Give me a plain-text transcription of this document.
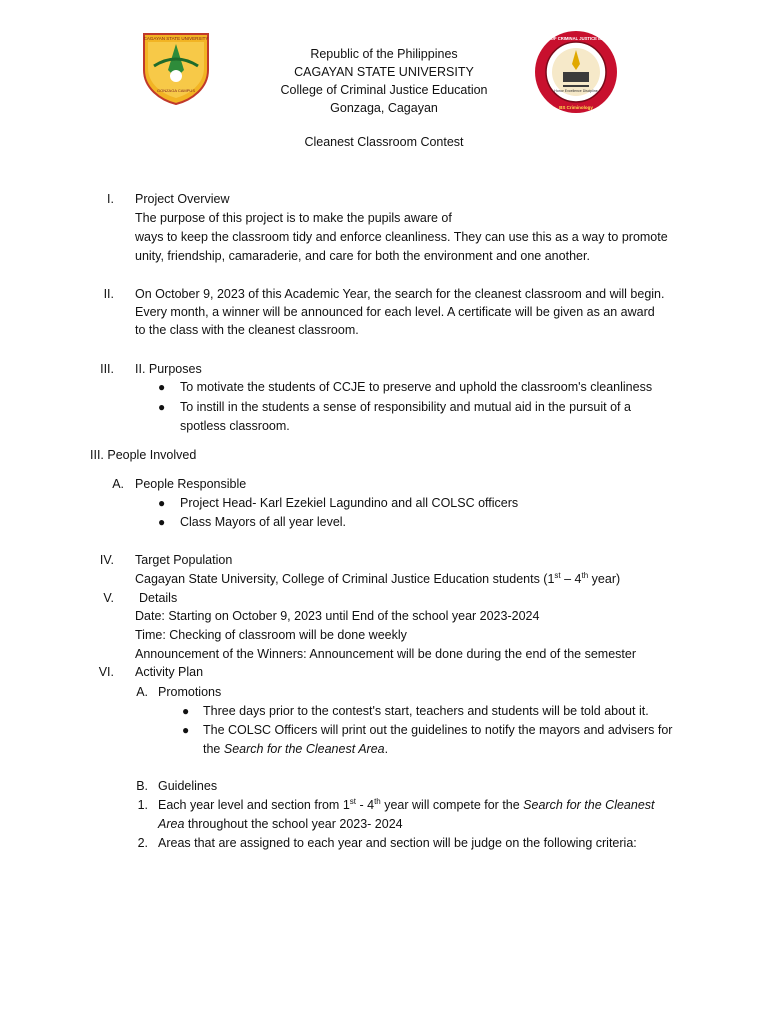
CAGAYAN STATE UNIVERSITY
GONZAGA CAMPUS	Honor Excellence Discipline
COLLEGE OF CRIMINAL JUSTICE EDUCATION
BS Criminology
Republic of the Philippines
CAGAYAN STATE UNIVERSITY
College of Criminal Justice Education
Gonzaga, Cagayan
Cleanest Classroom Contest
I. Project Overview
The purpose of this project is to make the pupils aware of
ways to keep the classroom tidy and enforce cleanliness. They can use this as a way to promote
unity, friendship, camaraderie, and care for both the environment and one another.
II. On October 9, 2023 of this Academic Year, the search for the cleanest classroom and will begin.
Every month, a winner will be announced for each level. A certificate will be given as an award
to the class with the cleanest classroom.
III. II. Purposes
● To motivate the students of CCJE to preserve and uphold the classroom's cleanliness
● To instill in the students a sense of responsibility and mutual aid in the pursuit of a
spotless classroom.
III. People Involved
A. People Responsible
● Project Head- Karl Ezekiel Lagundino and all COLSC officers
● Class Mayors of all year level.
IV. Target Population
Cagayan State University, College of Criminal Justice Education students (1st – 4th year)
V. Details
Date: Starting on October 9, 2023 until End of the school year 2023-2024
Time: Checking of classroom will be done weekly
Announcement of the Winners: Announcement will be done during the end of the semester
VI. Activity Plan
A. Promotions
● Three days prior to the contest's start, teachers and students will be told about it.
● The COLSC Officers will print out the guidelines to notify the mayors and advisers for
the Search for the Cleanest Area.
B. Guidelines
1. Each year level and section from 1st - 4th year will compete for the Search for the Cleanest
Area throughout the school year 2023- 2024
2. Areas that are assigned to each year and section will be judge on the following criteria:
